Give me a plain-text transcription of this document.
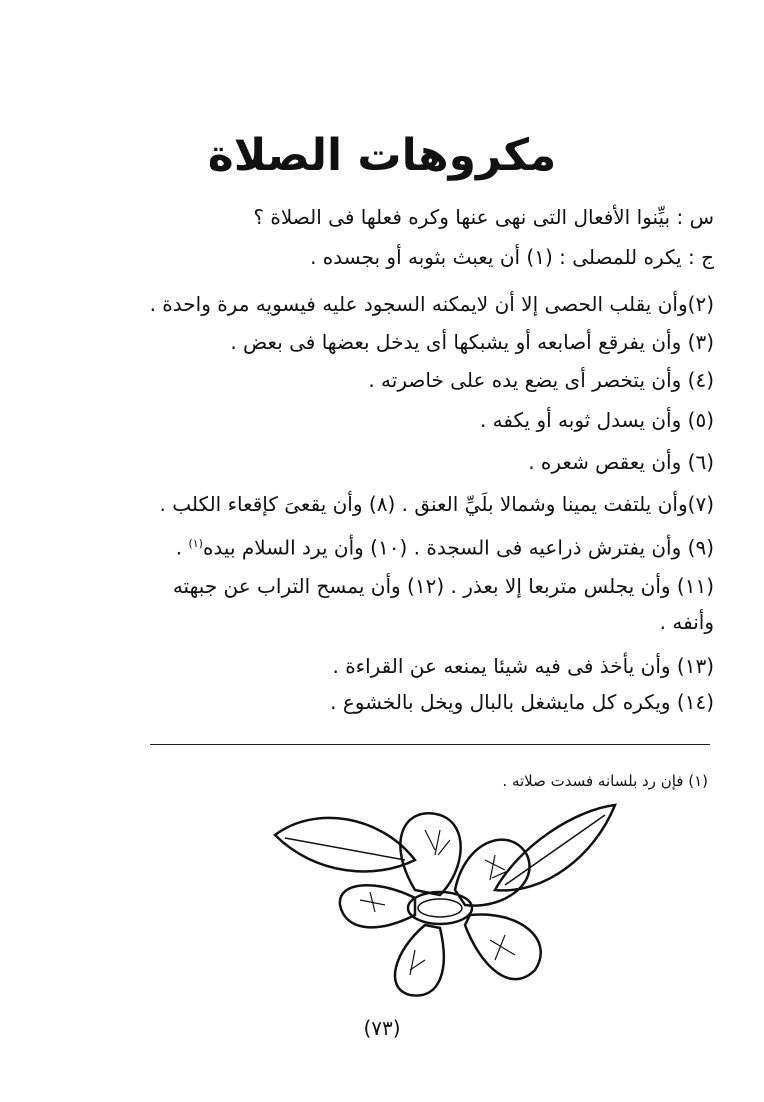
مكروهات الصلاة
س : بيِّنوا الأفعال التى نهى عنها وكره فعلها فى الصلاة ؟
ج : يكره للمصلى : (١) أن يعبث بثوبه أو بجسده .
(٢)وأن يقلب الحصى إلا أن لايمكنه السجود عليه فيسويه مرة واحدة .
(٣) وأن يفرقع أصابعه أو يشبكها أى يدخل بعضها فى بعض .
(٤) وأن يتخصر أى يضع يده على خاصرته .
(٥) وأن يسدل ثوبه أو يكفه .
(٦) وأن يعقص شعره .
(٧)وأن يلتفت يمينا وشمالا بلَيِّ العنق . (٨) وأن يقعىَ كإقعاء الكلب .
(٩) وأن يفترش ذراعيه فى السجدة . (١٠) وأن يرد السلام بيده$^{(١)}$ .
(١١) وأن يجلس متربعا إلا بعذر . (١٢) وأن يمسح التراب عن جبهته
وأنفه .
(١٣) وأن يأخذ فى فيه شيئا يمنعه عن القراءة .
(١٤) ويكره كل مايشغل بالبال ويخل بالخشوع .
(١) فإن رد بلسانه فسدت صلاته .
(٧٣)
